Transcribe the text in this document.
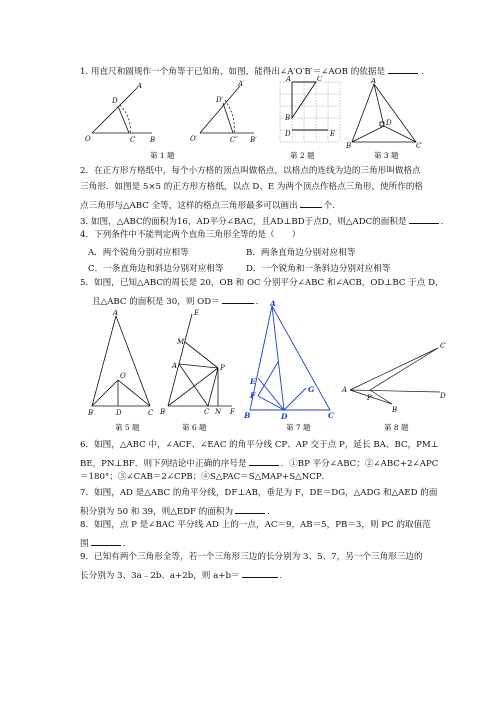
1. 用直尺和圆规作一个角等于已知角，如图，能得出∠A′O′B′＝∠AOB 的依据是	．
A
D
O	C B
A′
D′
O′	C″ B′
A	C
B
D	E
A
D
B	C
第 1 题	第 2 题	第 3 题
2．在正方形方格纸中，每个小方格的顶点叫做格点，以格点的连线为边的三角形叫做格点
三角形．如图是 5×5 的正方形方格纸，以点 D、E 为两个顶点作格点三角形，使所作的格
点三角形与△ABC 全等，这样的格点三角形最多可以画出	个.
3. 如图，△ABC的面积为16，AD平分∠BAC，且AD⊥BD于点D，则△ADC的面积是	.
4．下列条件中不能判定两个直角三角形全等的是（　　）
A．两个锐角分别对应相等	B．两条直角边分别对应相等
C．一条直角边和斜边分别对应相等	D．一个锐角和一条斜边分别对应相等
5．如图，已知△ABC的周长是 20，OB 和 OC 分别平分∠ABC 和∠ACB，OD⊥BC 于点 D，
且△ABC 的面积是 30，则 OD＝	．
A
O
B	D	C
E
M
P
A
B	C N F
A
E
F
G
B	D	C
C
A
P	D
B
第 5 题	第 6 题	第 7 题	第 8 题
6．如图，△ABC 中，∠ACF、∠EAC 的角平分线 CP、AP 交于点 P，延长 BA、BC，PM⊥
BE，PN⊥BF．则下列结论中正确的序号是	．①BP 平分∠ABC；②∠ABC+2∠APC
＝180°；③∠CAB＝2∠CPB；④S△PAC＝S△MAP+S△NCP．
7．如图，AD 是△ABC 的角平分线，DF⊥AB，垂足为 F，DE＝DG，△ADG 和△AED 的面
积分别为 50 和 39，则△EDF 的面积为	.
8．如图，点 P 是∠BAC 平分线 AD 上的一点，AC＝9，AB＝5，PB＝3，则 PC 的取值范
围	.
9．已知有两个三角形全等，若一个三角形三边的长分别为 3、5、7，另一个三角形三边的
长分别为 3、3a﹣2b、a+2b，则 a+b＝	.
